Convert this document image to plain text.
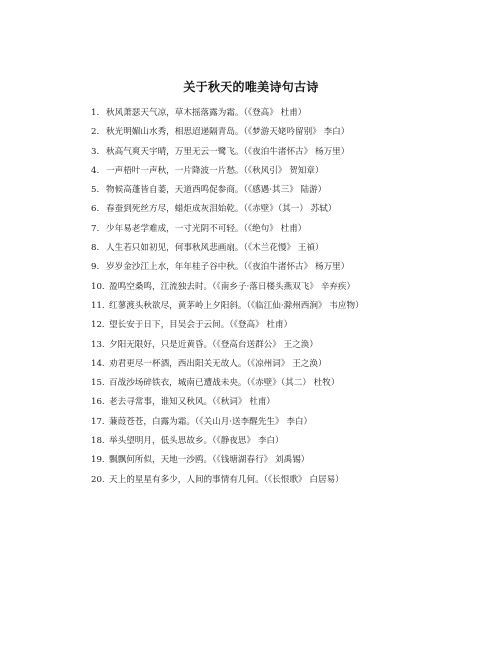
关于秋天的唯美诗句古诗
1. 秋风萧瑟天气凉，草木摇落露为霜。（《登高》 杜甫）
2. 秋光明媚山水秀，相思迢递隔青岛。（《梦游天姥吟留别》 李白）
3. 秋高气爽天宇晴，万里无云一鹭飞。（《夜泊牛渚怀古》 杨万里）
4. 一声梧叶一声秋，一片降波一片愁。（《秋风引》 贺知章）
5. 物候高蓬皆自萎，天道西鸣促参商。（《感遇·其三》 陆游）
6. 春蚕到死丝方尽，蜡炬成灰泪始乾。（《赤壁》（其一） 苏轼）
7. 少年易老学难成，一寸光阴不可轻。（《绝句》 杜甫）
8. 人生若只如初见，何事秋风悲画扇。（《木兰花慢》 王禎）
9. 岁岁金沙江上水，年年桂子谷中秋。（《夜泊牛渚怀古》 杨万里）
10. 盈鸣空桑鸣，江流独去时。（《南乡子·落日楼头燕双飞》 辛弃疾）
11. 红蓼渡头秋欲尽，黄茅岭上夕阳斜。（《临江仙·滁州西涧》 韦应物）
12. 望长安于日下，目吴会于云间。（《登高》 杜甫）
13. 夕阳无限好，只是近黄昏。（《登高台送群公》 王之涣）
14. 劝君更尽一杯酒，西出阳关无故人。（《凉州词》 王之涣）
15. 百战沙场碎铁衣，城南已遭战未央。（《赤壁》（其二） 杜牧）
16. 老去寻常事，谁知又秋风。（《秋词》 杜甫）
17. 蒹葭苍苍，白露为霜。（《关山月·送李醒先生》 李白）
18. 举头望明月，低头思故乡。（《静夜思》 李白）
19. 飘飘何所似，天地一沙鸥。（《钱塘湖春行》 刘禹锡）
20. 天上的星星有多少，人间的事情有几何。（《长恨歌》 白居易）
